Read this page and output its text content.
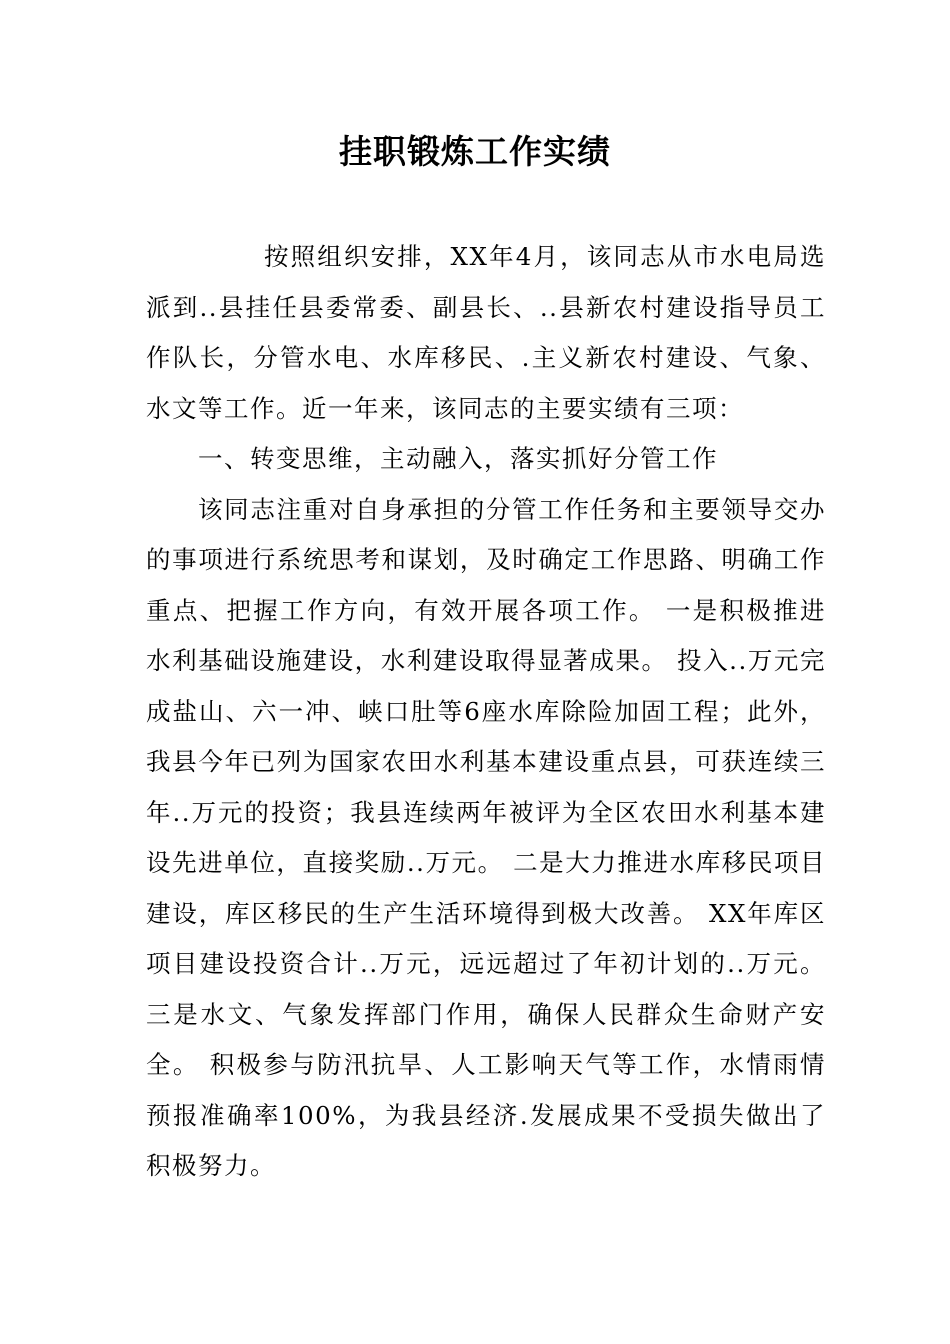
挂职锻炼工作实绩

按照组织安排，XX年4月，该同志从市水电局选派到..县挂任县委常委、副县长、..县新农村建设指导员工作队长，分管水电、水库移民、.主义新农村建设、气象、水文等工作。近一年来，该同志的主要实绩有三项：

一、转变思维，主动融入，落实抓好分管工作

该同志注重对自身承担的分管工作任务和主要领导交办的事项进行系统思考和谋划，及时确定工作思路、明确工作重点、把握工作方向，有效开展各项工作。 一是积极推进水利基础设施建设，水利建设取得显著成果。 投入..万元完成盐山、六一冲、峡口肚等6座水库除险加固工程；此外，我县今年已列为国家农田水利基本建设重点县，可获连续三年..万元的投资；我县连续两年被评为全区农田水利基本建设先进单位，直接奖励..万元。 二是大力推进水库移民项目建设，库区移民的生产生活环境得到极大改善。 XX年库区项目建设投资合计..万元，远远超过了年初计划的..万元。 三是水文、气象发挥部门作用，确保人民群众生命财产安全。 积极参与防汛抗旱、人工影响天气等工作，水情雨情预报准确率100%，为我县经济.发展成果不受损失做出了积极努力。
